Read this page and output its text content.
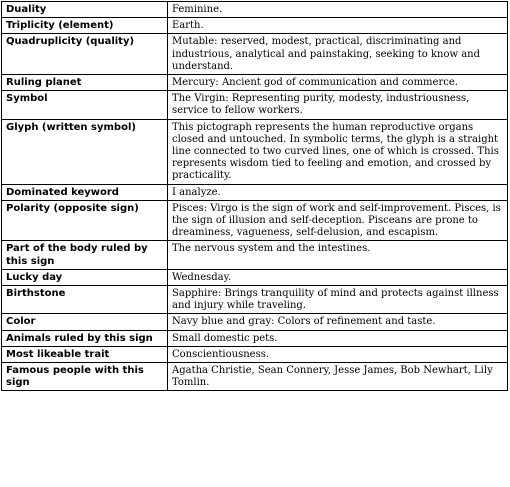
Duality	Feminine.
Triplicity (element)	Earth.
Quadruplicity (quality)	Mutable: reserved, modest, practical, discriminating and industrious, analytical and painstaking, seeking to know and understand.
Ruling planet	Mercury: Ancient god of communication and commerce.
Symbol	The Virgin: Representing purity, modesty, industriousness, service to fellow workers.
Glyph (written symbol)	This pictograph represents the human reproductive organs closed and untouched. In symbolic terms, the glyph is a straight line connected to two curved lines, one of which is crossed. This represents wisdom tied to feeling and emotion, and crossed by practicality.
Dominated keyword	I analyze.
Polarity (opposite sign)	Pisces: Virgo is the sign of work and self-improvement. Pisces, is the sign of illusion and self-deception. Pisceans are prone to dreaminess, vagueness, self-delusion, and escapism.
Part of the body ruled by this sign	The nervous system and the intestines.
Lucky day	Wednesday.
Birthstone	Sapphire: Brings tranquility of mind and protects against illness and injury while traveling.
Color	Navy blue and gray: Colors of refinement and taste.
Animals ruled by this sign	Small domestic pets.
Most likeable trait	Conscientiousness.
Famous people with this sign	Agatha Christie, Sean Connery, Jesse James, Bob Newhart, Lily Tomlin.
